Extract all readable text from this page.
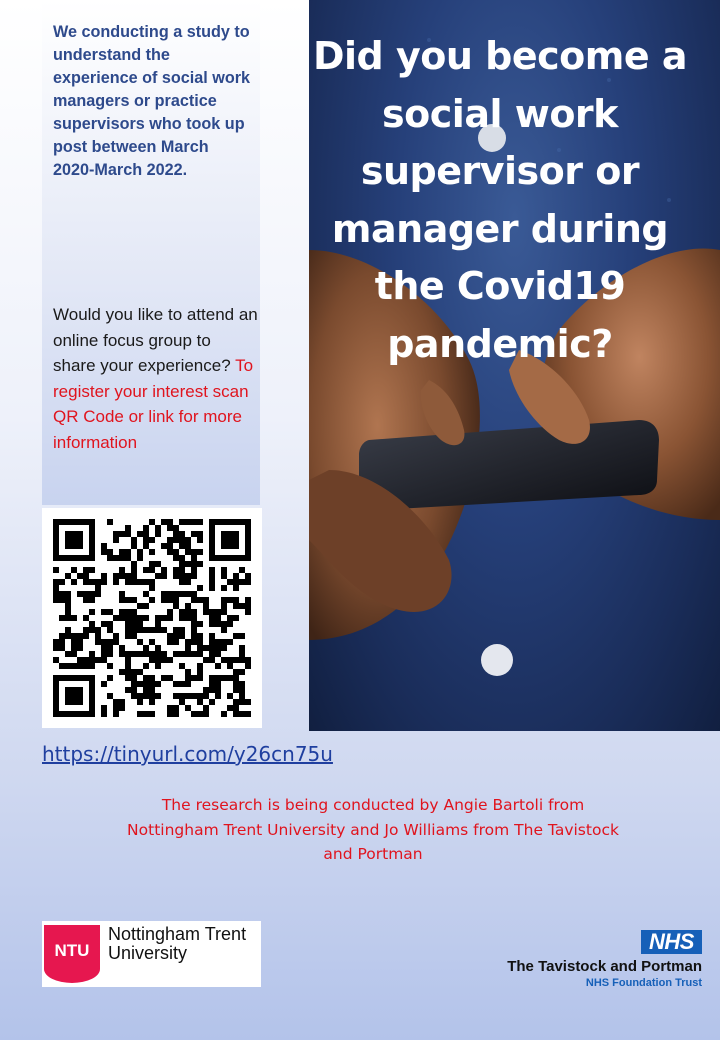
We conducting a study to understand the experience of social work managers or practice supervisors who took up post between March 2020-March 2022.
Would you like to attend an online focus group to share your experience? To register your interest scan QR Code or link for more information
Did you become a social work supervisor or manager during the Covid19 pandemic?
https://tinyurl.com/y26cn75u
The research is being conducted by Angie Bartoli from Nottingham Trent University and Jo Williams from The Tavistock and Portman
NTU
Nottingham Trent
University	NHS
The Tavistock and Portman
NHS Foundation Trust
